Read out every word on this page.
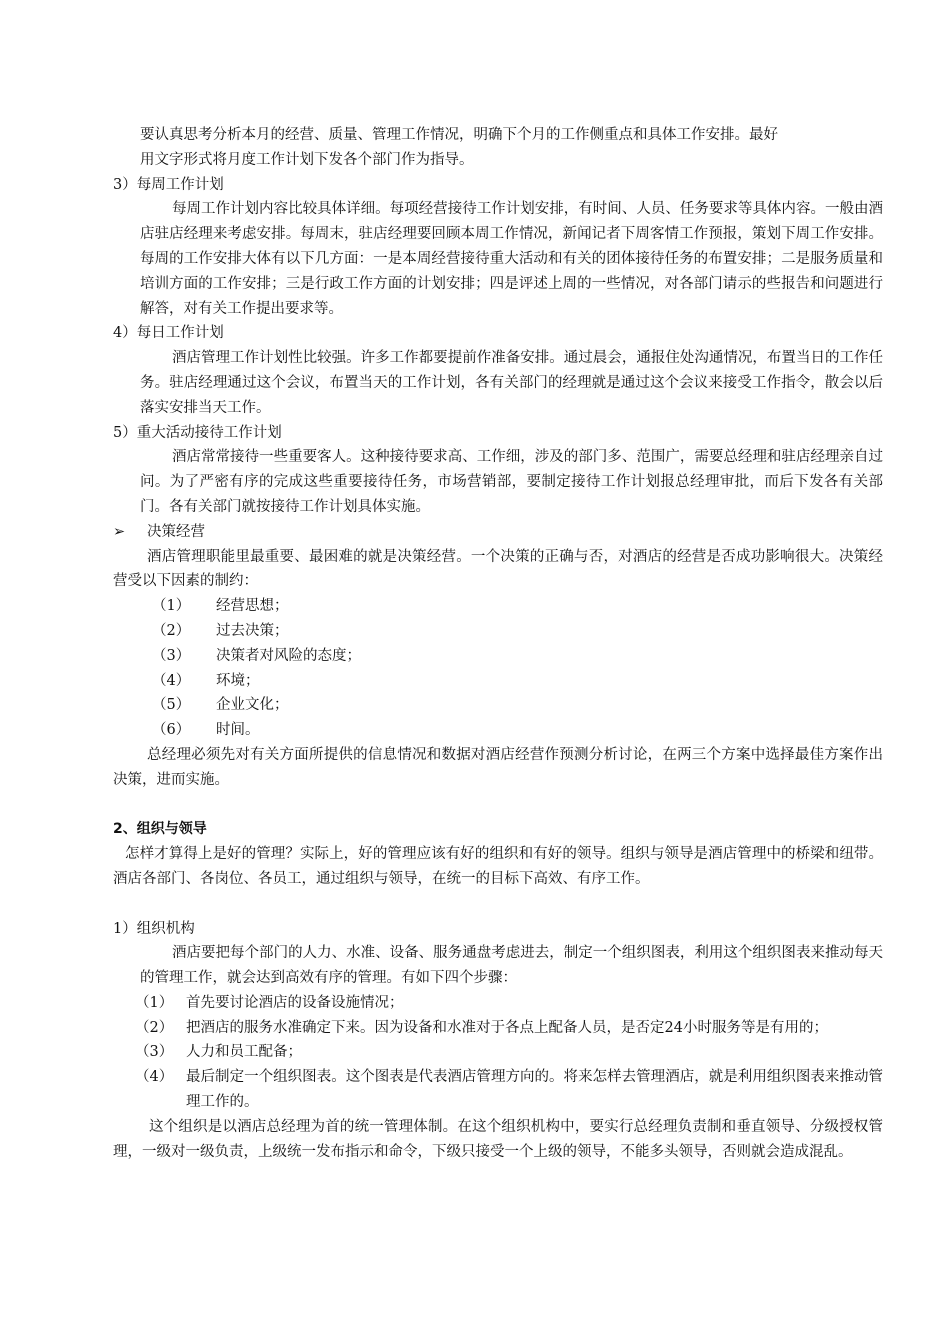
要认真思考分析本月的经营、质量、管理工作情况，明确下个月的工作侧重点和具体工作安排。最好

用文字形式将月度工作计划下发各个部门作为指导。

3）每周工作计划

每周工作计划内容比较具体详细。每项经营接待工作计划安排，有时间、人员、任务要求等具体内容。一般由酒店驻店经理来考虑安排。每周末，驻店经理要回顾本周工作情况，新闻记者下周客情工作预报，策划下周工作安排。每周的工作安排大体有以下几方面：一是本周经营接待重大活动和有关的团体接待任务的布置安排；二是服务质量和培训方面的工作安排；三是行政工作方面的计划安排；四是评述上周的一些情况，对各部门请示的些报告和问题进行解答，对有关工作提出要求等。

4）每日工作计划

酒店管理工作计划性比较强。许多工作都要提前作准备安排。通过晨会，通报住处沟通情况，布置当日的工作任务。驻店经理通过这个会议，布置当天的工作计划，各有关部门的经理就是通过这个会议来接受工作指令，散会以后落实安排当天工作。

5）重大活动接待工作计划

酒店常常接待一些重要客人。这种接待要求高、工作细，涉及的部门多、范围广，需要总经理和驻店经理亲自过问。为了严密有序的完成这些重要接待任务，市场营销部，要制定接待工作计划报总经理审批，而后下发各有关部门。各有关部门就按接待工作计划具体实施。

➢	决策经营

酒店管理职能里最重要、最困难的就是决策经营。一个决策的正确与否，对酒店的经营是否成功影响很大。决策经营受以下因素的制约：

（1）	经营思想；
（2）	过去决策；
（3）	决策者对风险的态度；
（4）	环境；
（5）	企业文化；
（6）	时间。

总经理必须先对有关方面所提供的信息情况和数据对酒店经营作预测分析讨论，在两三个方案中选择最佳方案作出决策，进而实施。

2、组织与领导

怎样才算得上是好的管理？实际上，好的管理应该有好的组织和有好的领导。组织与领导是酒店管理中的桥梁和纽带。酒店各部门、各岗位、各员工，通过组织与领导，在统一的目标下高效、有序工作。

1）组织机构

酒店要把每个部门的人力、水准、设备、服务通盘考虑进去，制定一个组织图表，利用这个组织图表来推动每天的管理工作，就会达到高效有序的管理。有如下四个步骤：

（1） 首先要讨论酒店的设备设施情况；
（2） 把酒店的服务水准确定下来。因为设备和水准对于各点上配备人员，是否定24小时服务等是有用的；
（3） 人力和员工配备；
（4） 最后制定一个组织图表。这个图表是代表酒店管理方向的。将来怎样去管理酒店，就是利用组织图表来推动管理工作的。

这个组织是以酒店总经理为首的统一管理体制。在这个组织机构中，要实行总经理负责制和垂直领导、分级授权管理，一级对一级负责，上级统一发布指示和命令，下级只接受一个上级的领导，不能多头领导，否则就会造成混乱。
